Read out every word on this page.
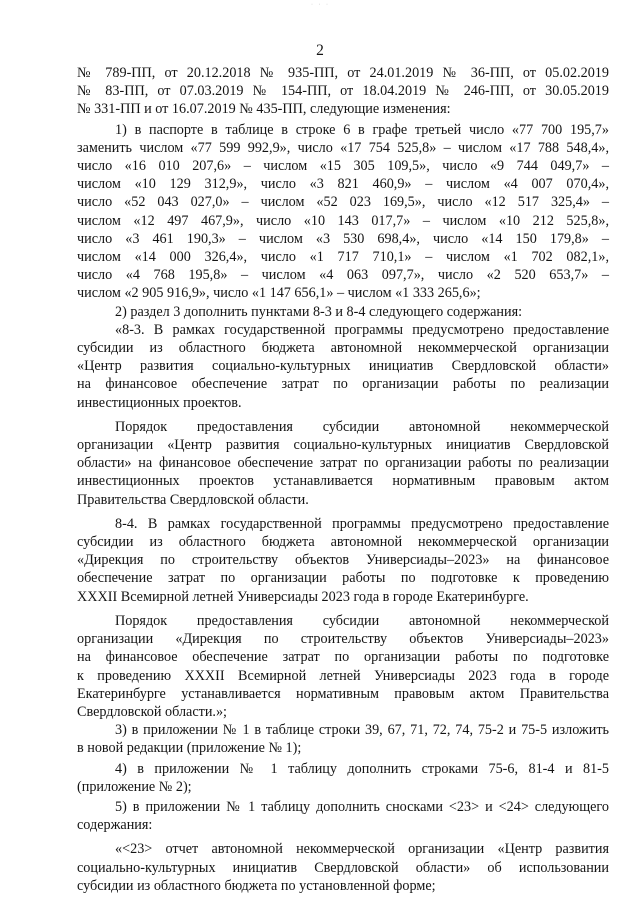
· · ·
2

№ 789-ПП, от 20.12.2018 № 935-ПП, от 24.01.2019 № 36-ПП, от 05.02.2019

№ 83-ПП, от 07.03.2019 № 154-ПП, от 18.04.2019 № 246-ПП, от 30.05.2019

№ 331-ПП и от 16.07.2019 № 435-ПП, следующие изменения:

1) в паспорте в таблице в строке 6 в графе третьей число «77 700 195,7»

заменить числом «77 599 992,9», число «17 754 525,8» – числом «17 788 548,4»,

число «16 010 207,6» – числом «15 305 109,5», число «9 744 049,7» –

числом «10 129 312,9», число «3 821 460,9» – числом «4 007 070,4»,

число «52 043 027,0» – числом «52 023 169,5», число «12 517 325,4» –

числом «12 497 467,9», число «10 143 017,7» – числом «10 212 525,8»,

число «3 461 190,3» – числом «3 530 698,4», число «14 150 179,8» –

числом «14 000 326,4», число «1 717 710,1» – числом «1 702 082,1»,

число «4 768 195,8» – числом «4 063 097,7», число «2 520 653,7» –

числом «2 905 916,9», число «1 147 656,1» – числом «1 333 265,6»;

2) раздел 3 дополнить пунктами 8-3 и 8-4 следующего содержания:

«8-3. В рамках государственной программы предусмотрено предоставление

субсидии из областного бюджета автономной некоммерческой организации

«Центр развития социально-культурных инициатив Свердловской области»

на финансовое обеспечение затрат по организации работы по реализации

инвестиционных проектов.

Порядок предоставления субсидии автономной некоммерческой

организации «Центр развития социально-культурных инициатив Свердловской

области» на финансовое обеспечение затрат по организации работы по реализации

инвестиционных проектов устанавливается нормативным правовым актом

Правительства Свердловской области.

8-4. В рамках государственной программы предусмотрено предоставление

субсидии из областного бюджета автономной некоммерческой организации

«Дирекция по строительству объектов Универсиады–2023» на финансовое

обеспечение затрат по организации работы по подготовке к проведению

XXXII Всемирной летней Универсиады 2023 года в городе Екатеринбурге.

Порядок предоставления субсидии автономной некоммерческой

организации «Дирекция по строительству объектов Универсиады–2023»

на финансовое обеспечение затрат по организации работы по подготовке

к проведению XXXII Всемирной летней Универсиады 2023 года в городе

Екатеринбурге устанавливается нормативным правовым актом Правительства

Свердловской области.»;

3) в приложении № 1 в таблице строки 39, 67, 71, 72, 74, 75-2 и 75-5 изложить

в новой редакции (приложение № 1);

4) в приложении № 1 таблицу дополнить строками 75-6, 81-4 и 81-5

(приложение № 2);

5) в приложении № 1 таблицу дополнить сносками <23> и <24> следующего

содержания:

«<23> отчет автономной некоммерческой организации «Центр развития

социально-культурных инициатив Свердловской области» об использовании

субсидии из областного бюджета по установленной форме;
